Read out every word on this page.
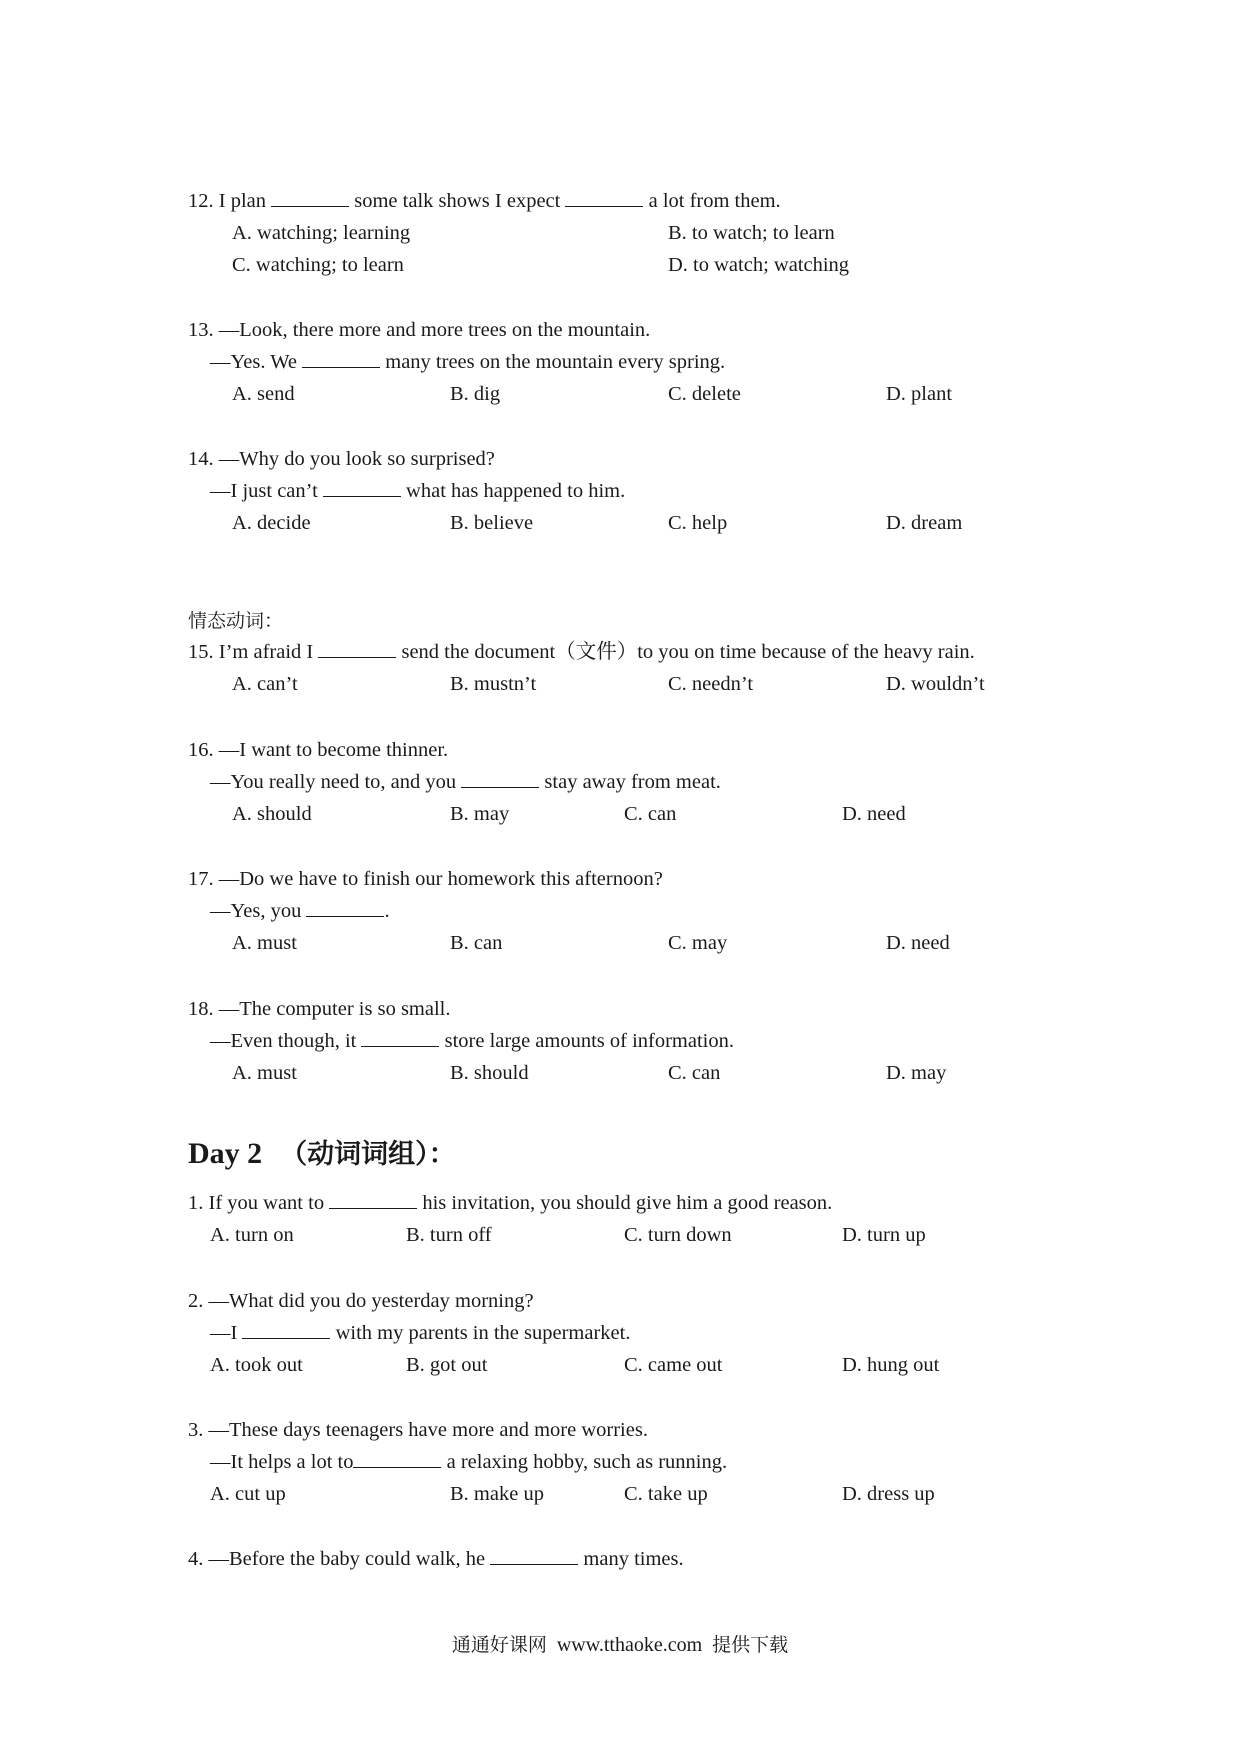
12. I plan	some talk shows I expect	a lot from them.
A. watching; learning	B. to watch; to learn
C. watching; to learn	D. to watch; watching
13. —Look, there more and more trees on the mountain.
—Yes. We	many trees on the mountain every spring.
A. send	B. dig	C. delete	D. plant
14. —Why do you look so surprised?
—I just can’t	what has happened to him.
A. decide	B. believe	C. help	D. dream
情态动词：
15. I’m afraid I	send the document（文件）to you on time because of the heavy rain.
A. can’t	B. mustn’t	C. needn’t	D. wouldn’t
16. —I want to become thinner.
—You really need to, and you	stay away from meat.
A. should	B. may	C. can	D. need
17. —Do we have to finish our homework this afternoon?
—Yes, you	.
A. must	B. can	C. may	D. need
18. —The computer is so small.
—Even though, it	store large amounts of information.
A. must	B. should	C. can	D. may
Day 2 （动词词组）：
1. If you want to	his invitation, you should give him a good reason.
A. turn on	B. turn off	C. turn down	D. turn up
2. —What did you do yesterday morning?
—I	with my parents in the supermarket.
A. took out	B. got out	C. came out	D. hung out
3. —These days teenagers have more and more worries.
—It helps a lot to	a relaxing hobby, such as running.
A. cut up	B. make up	C. take up	D. dress up
4. —Before the baby could walk, he	many times.
通通好课网 www.tthaoke.com 提供下载
